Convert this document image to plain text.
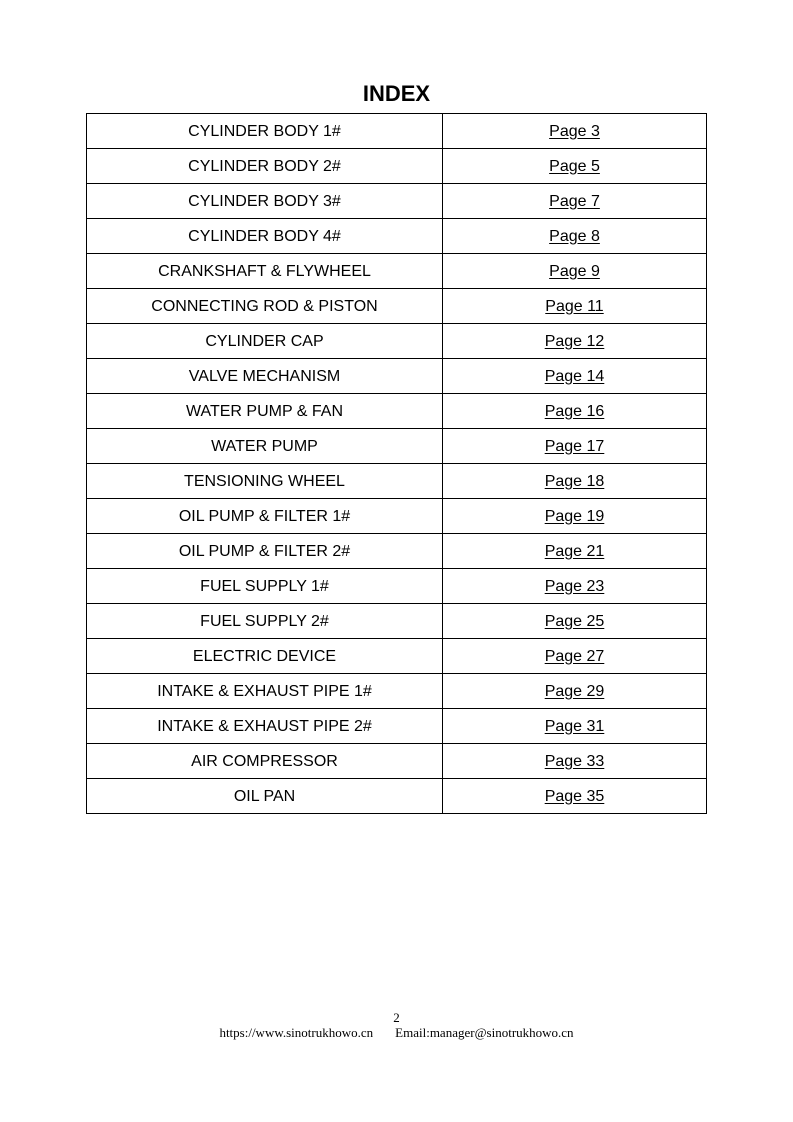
INDEX
CYLINDER BODY 1#	Page 3
CYLINDER BODY 2#	Page 5
CYLINDER BODY 3#	Page 7
CYLINDER BODY 4#	Page 8
CRANKSHAFT & FLYWHEEL	Page 9
CONNECTING ROD & PISTON	Page 11
CYLINDER CAP	Page 12
VALVE MECHANISM	Page 14
WATER PUMP & FAN	Page 16
WATER PUMP	Page 17
TENSIONING WHEEL	Page 18
OIL PUMP & FILTER 1#	Page 19
OIL PUMP & FILTER 2#	Page 21
FUEL SUPPLY 1#	Page 23
FUEL SUPPLY 2#	Page 25
ELECTRIC DEVICE	Page 27
INTAKE & EXHAUST PIPE 1#	Page 29
INTAKE & EXHAUST PIPE 2#	Page 31
AIR COMPRESSOR	Page 33
OIL PAN	Page 35
2
https://www.sinotrukhowo.cn Email:manager@sinotrukhowo.cn
